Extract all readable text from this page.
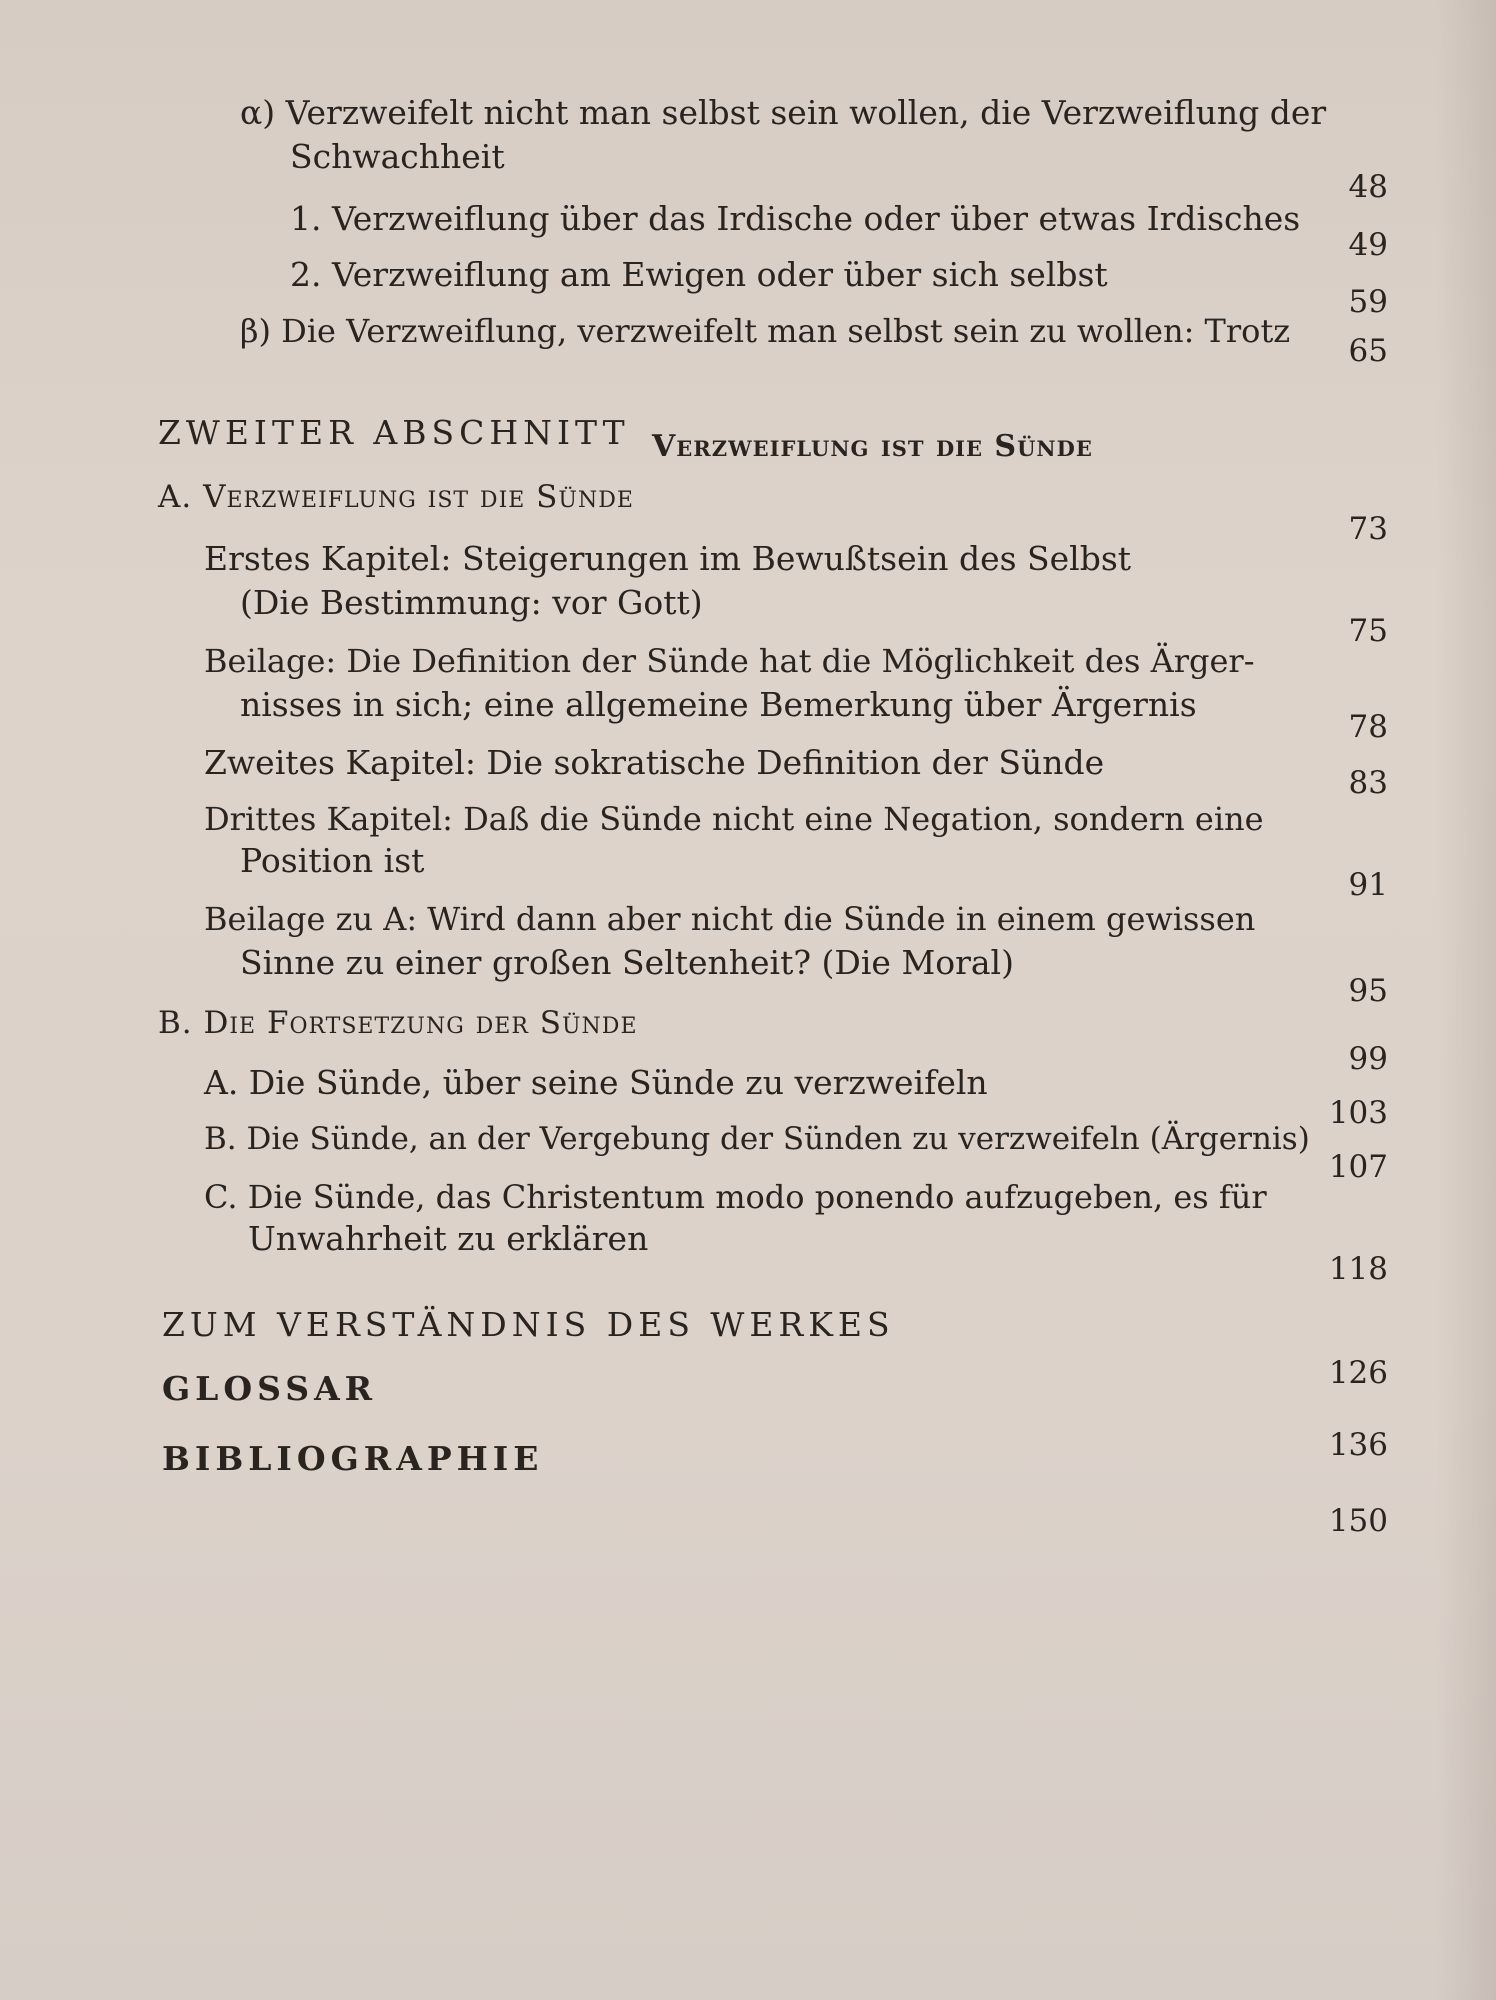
α) Verzweifelt nicht man selbst sein wollen, die Verzweiflung der
Schwachheit
48
1. Verzweiflung über das Irdische oder über etwas Irdisches
49
2. Verzweiflung am Ewigen oder über sich selbst
59
β) Die Verzweiflung, verzweifelt man selbst sein zu wollen: Trotz
65
ZWEITER ABSCHNITT Verzweiflung ist die Sünde
A. Verzweiflung ist die Sünde
73
Erstes Kapitel: Steigerungen im Bewußtsein des Selbst
(Die Bestimmung: vor Gott)
75
Beilage: Die Definition der Sünde hat die Möglichkeit des Ärger-
nisses in sich; eine allgemeine Bemerkung über Ärgernis
78
Zweites Kapitel: Die sokratische Definition der Sünde
83
Drittes Kapitel: Daß die Sünde nicht eine Negation, sondern eine
Position ist
91
Beilage zu A: Wird dann aber nicht die Sünde in einem gewissen
Sinne zu einer großen Seltenheit? (Die Moral)
95
B. Die Fortsetzung der Sünde
99
A. Die Sünde, über seine Sünde zu verzweifeln
103
B. Die Sünde, an der Vergebung der Sünden zu verzweifeln (Ärgernis)
107
C. Die Sünde, das Christentum modo ponendo aufzugeben, es für
Unwahrheit zu erklären
118
ZUM VERSTÄNDNIS DES WERKES
126
GLOSSAR
136
BIBLIOGRAPHIE
150
